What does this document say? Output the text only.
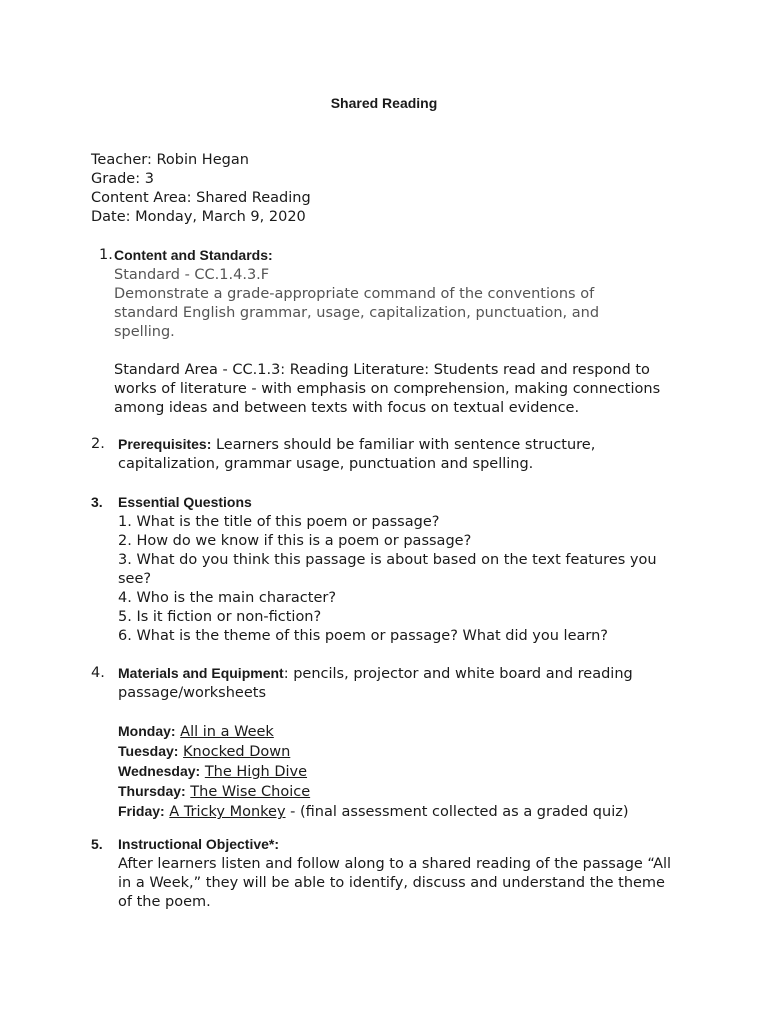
Shared Reading
Teacher: Robin Hegan
Grade: 3
Content Area: Shared Reading
Date: Monday, March 9, 2020
1. Content and Standards:
Standard - CC.1.4.3.F
Demonstrate a grade-appropriate command of the conventions of
standard English grammar, usage, capitalization, punctuation, and
spelling.
Standard Area - CC.1.3: Reading Literature: Students read and respond to
works of literature - with emphasis on comprehension, making connections
among ideas and between texts with focus on textual evidence.
2. Prerequisites: Learners should be familiar with sentence structure,
capitalization, grammar usage, punctuation and spelling.
3. Essential Questions
1. What is the title of this poem or passage?
2. How do we know if this is a poem or passage?
3. What do you think this passage is about based on the text features you
see?
4. Who is the main character?
5. Is it fiction or non-fiction?
6. What is the theme of this poem or passage? What did you learn?
4. Materials and Equipment: pencils, projector and white board and reading
passage/worksheets
Monday: All in a Week
Tuesday: Knocked Down
Wednesday: The High Dive
Thursday: The Wise Choice
Friday: A Tricky Monkey - (final assessment collected as a graded quiz)
5. Instructional Objective*:
After learners listen and follow along to a shared reading of the passage “All
in a Week,” they will be able to identify, discuss and understand the theme
of the poem.
